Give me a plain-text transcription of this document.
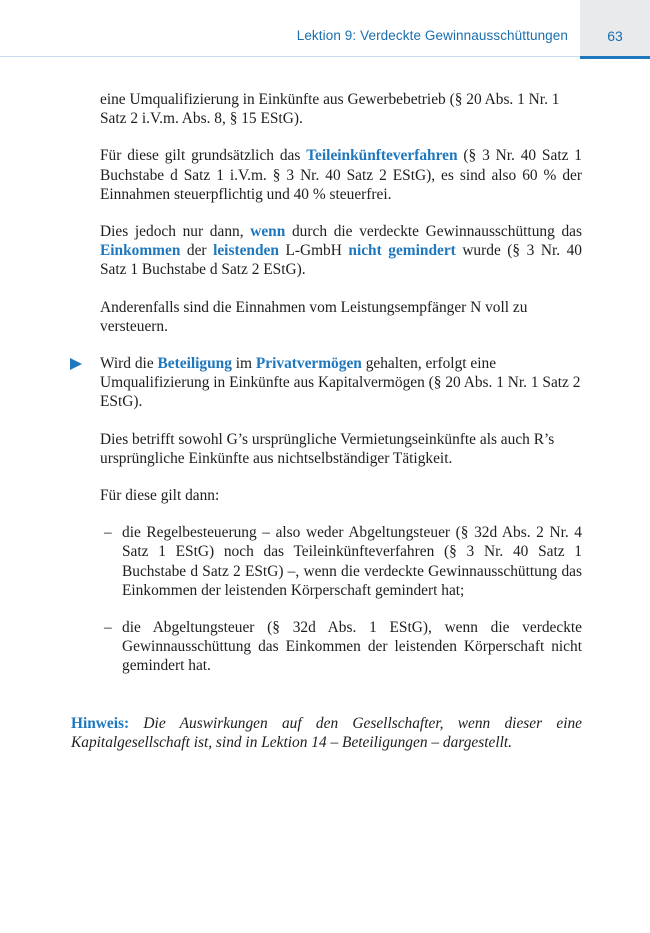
Lektion 9: Verdeckte Gewinnausschüttungen	63

eine Umqualifizierung in Einkünfte aus Gewerbebetrieb (§ 20 Abs. 1 Nr. 1 Satz 2 i.V.m. Abs. 8, § 15 EStG).

Für diese gilt grundsätzlich das Teileinkünfteverfahren (§ 3 Nr. 40 Satz 1 Buchstabe d Satz 1 i.V.m. § 3 Nr. 40 Satz 2 EStG), es sind also 60 % der Einnahmen steuerpflichtig und 40 % steuerfrei.

Dies jedoch nur dann, wenn durch die verdeckte Gewinnausschüttung das Einkommen der leistenden L-GmbH nicht gemindert wurde (§ 3 Nr. 40 Satz 1 Buchstabe d Satz 2 EStG).

Anderenfalls sind die Einnahmen vom Leistungsempfänger N voll zu versteuern.

Wird die Beteiligung im Privatvermögen gehalten, erfolgt eine Umqualifizierung in Einkünfte aus Kapitalvermögen (§ 20 Abs. 1 Nr. 1 Satz 2 EStG).

Dies betrifft sowohl G’s ursprüngliche Vermietungseinkünfte als auch R’s ursprüngliche Einkünfte aus nichtselbständiger Tätigkeit.

Für diese gilt dann:

– die Regelbesteuerung – also weder Abgeltungsteuer (§ 32d Abs. 2 Nr. 4 Satz 1 EStG) noch das Teileinkünfteverfahren (§ 3 Nr. 40 Satz 1 Buchstabe d Satz 2 EStG) –, wenn die verdeckte Gewinnausschüttung das Einkommen der leistenden Körperschaft gemindert hat;
– die Abgeltungsteuer (§ 32d Abs. 1 EStG), wenn die verdeckte Gewinnausschüttung das Einkommen der leistenden Körperschaft nicht gemindert hat.
Hinweis: Die Auswirkungen auf den Gesellschafter, wenn dieser eine Kapitalgesellschaft ist, sind in Lektion 14 – Beteiligungen – dargestellt.
